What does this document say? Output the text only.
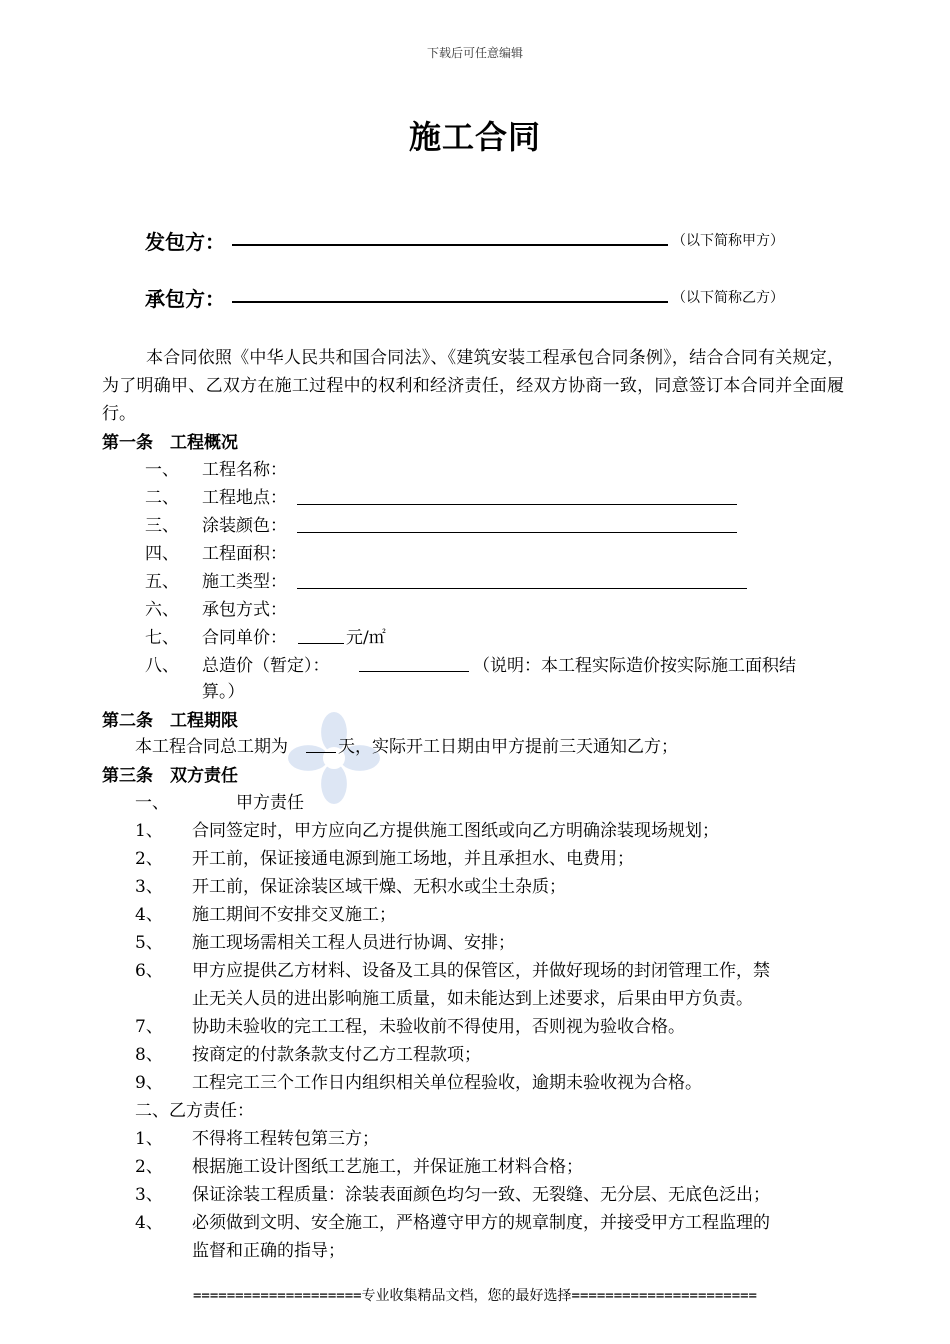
下载后可任意编辑
施工合同
发包方：	（以下简称甲方）
承包方：	（以下简称乙方）
本合同依照《中华人民共和国合同法》、《建筑安装工程承包合同条例》，结合合同有关规定，为了明确甲、乙双方在施工过程中的权利和经济责任，经双方协商一致，同意签订本合同并全面履行。
第一条　工程概况
一、 工程名称：
二、 工程地点：
三、 涂装颜色：
四、 工程面积：
五、 施工类型：
六、 承包方式：
七、 合同单价：	元/㎡
八、 总造价（暂定）：	（说明：本工程实际造价按实际施工面积结
算。）
第二条　工程期限
本工程合同总工期为	天，实际开工日期由甲方提前三天通知乙方；
第三条　双方责任
一、	甲方责任
1、 合同签定时，甲方应向乙方提供施工图纸或向乙方明确涂装现场规划；
2、 开工前，保证接通电源到施工场地，并且承担水、电费用；
3、 开工前，保证涂装区域干燥、无积水或尘土杂质；
4、 施工期间不安排交叉施工；
5、 施工现场需相关工程人员进行协调、安排；
6、 甲方应提供乙方材料、设备及工具的保管区，并做好现场的封闭管理工作，禁
止无关人员的进出影响施工质量，如未能达到上述要求，后果由甲方负责。
7、 协助未验收的完工工程，未验收前不得使用，否则视为验收合格。
8、 按商定的付款条款支付乙方工程款项；
9、 工程完工三个工作日内组织相关单位程验收，逾期未验收视为合格。
二、乙方责任：
1、 不得将工程转包第三方；
2、 根据施工设计图纸工艺施工，并保证施工材料合格；
3、 保证涂装工程质量：涂装表面颜色均匀一致、无裂缝、无分层、无底色泛出；
4、 必须做到文明、安全施工，严格遵守甲方的规章制度，并接受甲方工程监理的
监督和正确的指导；
====================专业收集精品文档，您的最好选择======================
